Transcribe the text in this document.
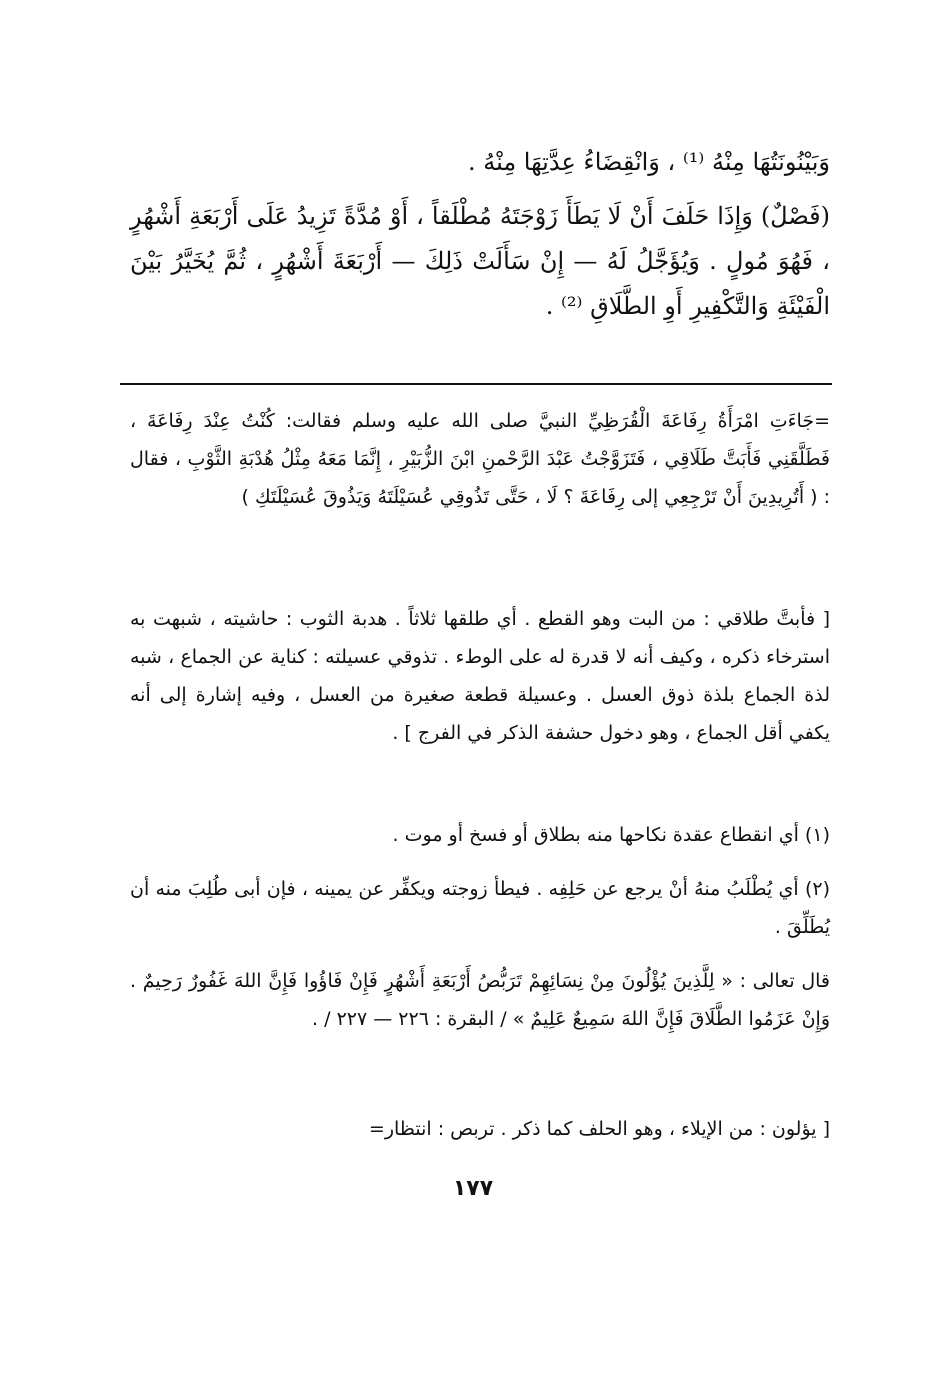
وَبَيْنُونَتُهَا مِنْهُ ⁽¹⁾ ، وَانْقِضَاءُ عِدَّتِهَا مِنْهُ .

(فَصْلٌ) وَإِذَا حَلَفَ أَنْ لَا يَطَأَ زَوْجَتَهُ مُطْلَقاً ، أَوْ مُدَّةً تَزِيدُ عَلَى أَرْبَعَةِ أَشْهُرٍ ، فَهُوَ مُولٍ . وَيُؤَجَّلُ لَهُ — إِنْ سَأَلَتْ ذَلِكَ — أَرْبَعَةَ أَشْهُرٍ ، ثُمَّ يُخَيَّرُ بَيْنَ الْفَيْئَةِ وَالتَّكْفِيرِ أَوِ الطَّلَاقِ ⁽²⁾ .

=جَاءَتِ امْرَأَةُ رِفَاعَةَ الْقُرَظِيِّ النبيَّ صلى الله عليه وسلم فقالت: كُنْتُ عِنْدَ رِفَاعَةَ ، فَطَلَّقَنِي فَأَبَتَّ طَلَاقِي ، فَتَزَوَّجْتُ عَبْدَ الرَّحْمنِ ابْنَ الزُّبَيْرِ ، إِنَّمَا مَعَهُ مِثْلُ هُدْبَةِ الثَّوْبِ ، فقال : ( أَتُرِيدِينَ أَنْ تَرْجِعِي إلى رِفَاعَةَ ؟ لَا ، حَتَّى تَذُوقِي عُسَيْلَتَهُ وَيَذُوقَ عُسَيْلَتَكِ )

[ فأبتَّ طلاقي : من البت وهو القطع . أي طلقها ثلاثاً . هدبة الثوب : حاشيته ، شبهت به استرخاء ذكره ، وكيف أنه لا قدرة له على الوطء . تذوقي عسيلته : كناية عن الجماع ، شبه لذة الجماع بلذة ذوق العسل . وعسيلة قطعة صغيرة من العسل ، وفيه إشارة إلى أنه يكفي أقل الجماع ، وهو دخول حشفة الذكر في الفرج ] .

(١) أي انقطاع عقدة نكاحها منه بطلاق أو فسخ أو موت .

(٢) أي يُطْلَبُ منهُ أنْ يرجع عن حَلِفِه . فيطأ زوجته ويكفِّر عن يمينه ، فإن أبى طُلِبَ منه أن يُطَلِّقَ .

قال تعالى : « لِلَّذِينَ يُؤْلُونَ مِنْ نِسَائِهِمْ تَرَبُّصُ أَرْبَعَةِ أَشْهُرٍ فَإِنْ فَاؤُوا فَإِنَّ اللهَ غَفُورٌ رَحِيمٌ . وَإِنْ عَزَمُوا الطَّلَاقَ فَإِنَّ اللهَ سَمِيعٌ عَلِيمٌ » / البقرة : ٢٢٦ — ٢٢٧ / .

[ يؤلون : من الإيلاء ، وهو الحلف كما ذكر . تربص : انتظار=

١٧٧
